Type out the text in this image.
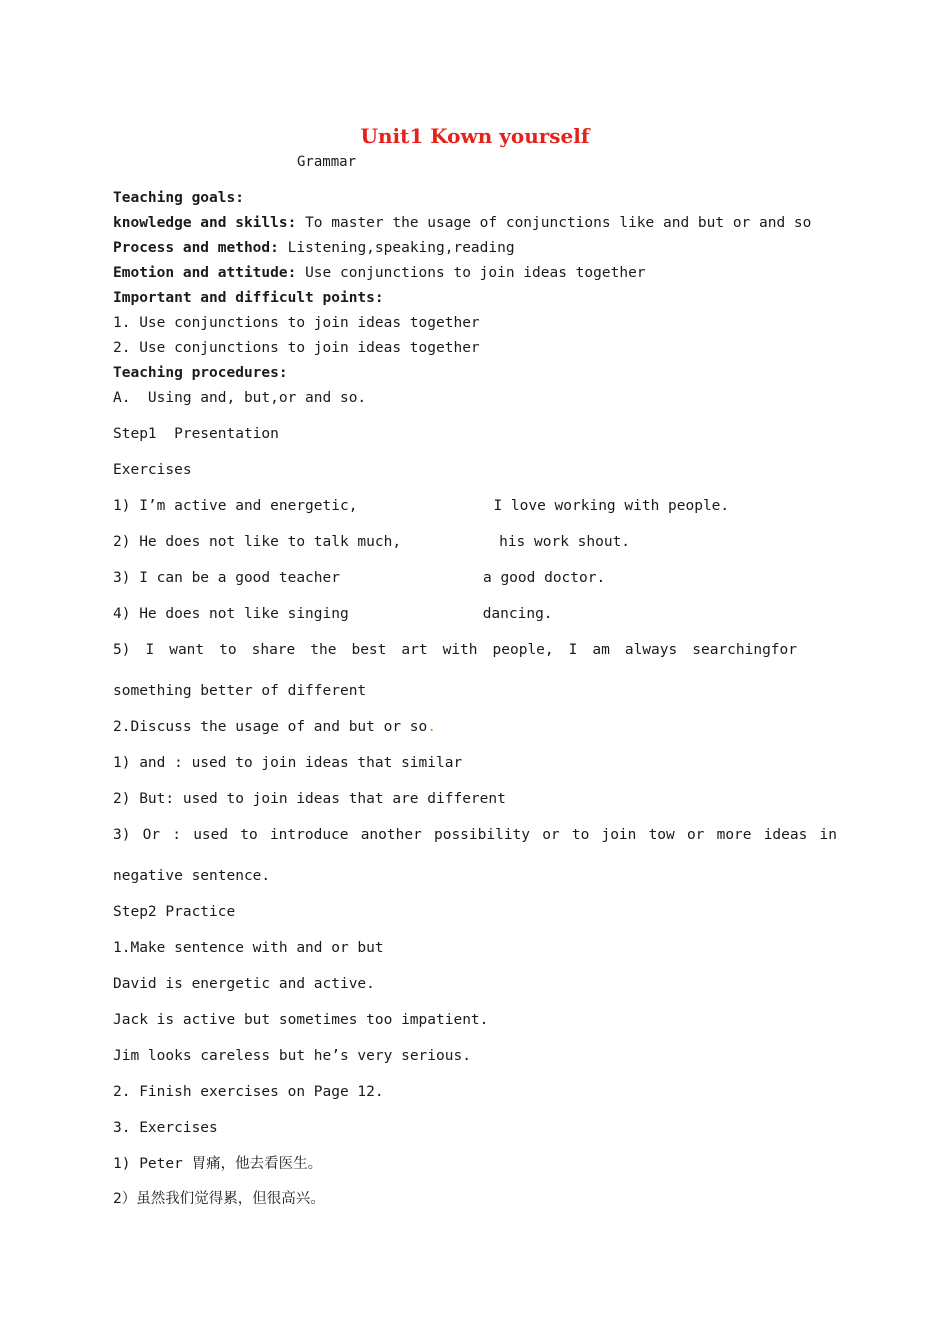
Unit1 Kown yourself
Grammar
Teaching goals:
knowledge and skills: To master the usage of conjunctions like and but or and so
Process and method: Listening,speaking,reading
Emotion and attitude: Use conjunctions to join ideas together
Important and difficult points:
1. Use conjunctions to join ideas together
2. Use conjunctions to join ideas together
Teaching procedures:
A.  Using and, but,or and so.
Step1  Presentation
Exercises
1) I’m active and energetic,	I love working with people.
2) He does not like to talk much,	his work shout.
3) I can be a good teacher	a good doctor.
4) He does not like singing	dancing.
5) I want to share the best art with people, I am always searchingfor
something better of different
2.Discuss the usage of and but or so.
1) and : used to join ideas that similar
2) But: used to join ideas that are different
3) Or : used to introduce another possibility or to join tow or more ideas in
negative sentence.
Step2 Practice
1.Make sentence with and or but
David is energetic and active.
Jack is active but sometimes too impatient.
Jim looks careless but he’s very serious.
2. Finish exercises on Page 12.
3. Exercises
1) Peter 胃痛，他去看医生。
2）虽然我们觉得累，但很高兴。
